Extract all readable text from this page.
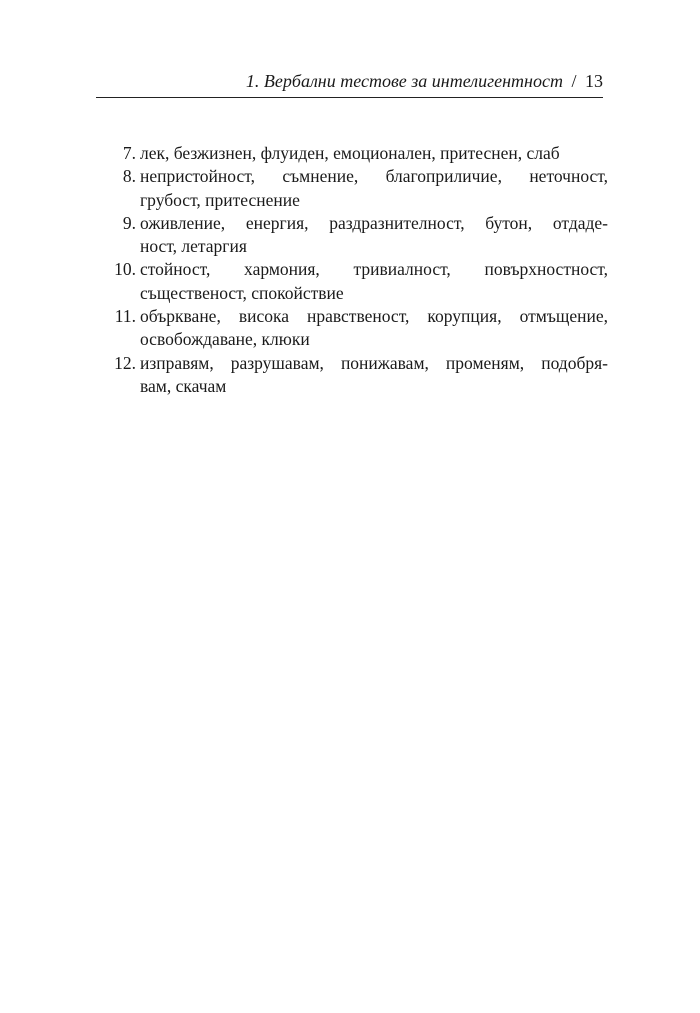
1. Вербални тестове за интелигентност / 13
7. лек, безжизнен, флуиден, емоционален, притеснен, слаб
8. непристойност, съмнение, благоприличие, неточност,
грубост, притеснение
9. оживление, енергия, раздразнителност, бутон, отдаде-
ност, летаргия
10. стойност, хармония, тривиалност, повърхностност,
същественост, спокойствие
11. объркване, висока нравственост, корупция, отмъщение,
освобождаване, клюки
12. изправям, разрушавам, понижавам, променям, подобря-
вам, скачам
